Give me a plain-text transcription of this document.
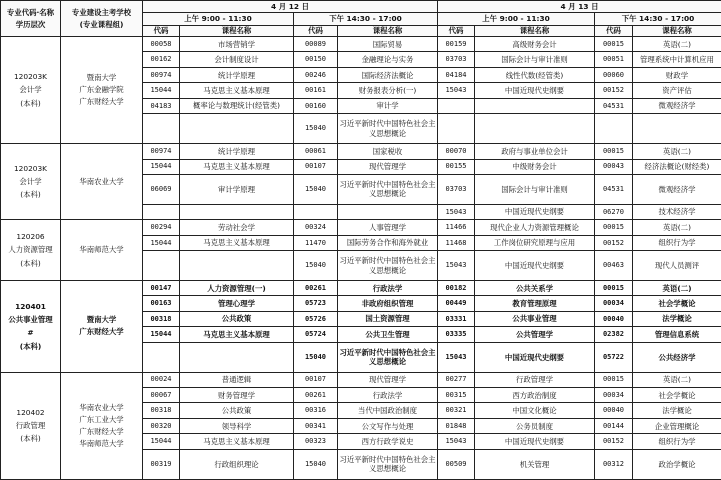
专业代码·名称
学历层次	专业建设主考学校
(专业课程组)	4 月 12 日				4 月 13 日			
		上午 9:00 - 11:30		下午 14:30 - 17:00		上午 9:00 - 11:30		下午 14:30 - 17:00	
		代码	课程名称	代码	课程名称	代码	课程名称	代码	课程名称

120203K
会计学
(本科)	暨南大学
广东金融学院
广东财经大学	00058	市场营销学	00089	国际贸易	00159	高级财务会计	00015	英语(二)
		00162	会计制度设计	00150	金融理论与实务	03703	国际会计与审计准则	00051	管理系统中计算机应用
		00974	统计学原理	00246	国际经济法概论	04184	线性代数(经管类)	00060	财政学
		15044	马克思主义基本原理	00161	财务报表分析(一)	15043	中国近现代史纲要	00152	资产评估
		04183	概率论与数理统计(经管类)	00160	审计学			04531	微观经济学
				15040	习近平新时代中国特色社会主义思想概论				

120203K
会计学
(本科)	华南农业大学	00974	统计学原理	00061	国家税收	00070	政府与事业单位会计	00015	英语(二)
		15044	马克思主义基本原理	00107	现代管理学	00155	中级财务会计	00043	经济法概论(财经类)
		06069	审计学原理	15040	习近平新时代中国特色社会主义思想概论	03703	国际会计与审计准则	04531	微观经济学
						15043	中国近现代史纲要	06270	技术经济学

120206
人力资源管理
(本科)	华南师范大学	00294	劳动社会学	00324	人事管理学	11466	现代企业人力资源管理概论	00015	英语(二)
		15044	马克思主义基本原理	11470	国际劳务合作和海外就业	11468	工作岗位研究原理与应用	00152	组织行为学
				15040	习近平新时代中国特色社会主义思想概论	15043	中国近现代史纲要	00463	现代人员测评

120401
公共事业管理
#
(本科)	暨南大学
广东财经大学	00147	人力资源管理(一)	00261	行政法学	00182	公共关系学	00015	英语(二)
		00163	管理心理学	05723	非政府组织管理	00449	教育管理原理	00034	社会学概论
		00318	公共政策	05726	国土资源管理	03331	公共事业管理	00040	法学概论
		15044	马克思主义基本原理	05724	公共卫生管理	03335	公共管理学	02382	管理信息系统
				15040	习近平新时代中国特色社会主义思想概论	15043	中国近现代史纲要	05722	公共经济学

120402
行政管理
(本科)	华南农业大学
广东工业大学
广东财经大学
华南师范大学	00024	普通逻辑	00107	现代管理学	00277	行政管理学	00015	英语(二)
		00067	财务管理学	00261	行政法学	00315	西方政治制度	00034	社会学概论
		00318	公共政策	00316	当代中国政治制度	00321	中国文化概论	00040	法学概论
		00320	领导科学	00341	公文写作与处理	01848	公务员制度	00144	企业管理概论
		15044	马克思主义基本原理	00323	西方行政学说史	15043	中国近现代史纲要	00152	组织行为学
		00319	行政组织理论	15040	习近平新时代中国特色社会主义思想概论	00509	机关管理	00312	政治学概论
